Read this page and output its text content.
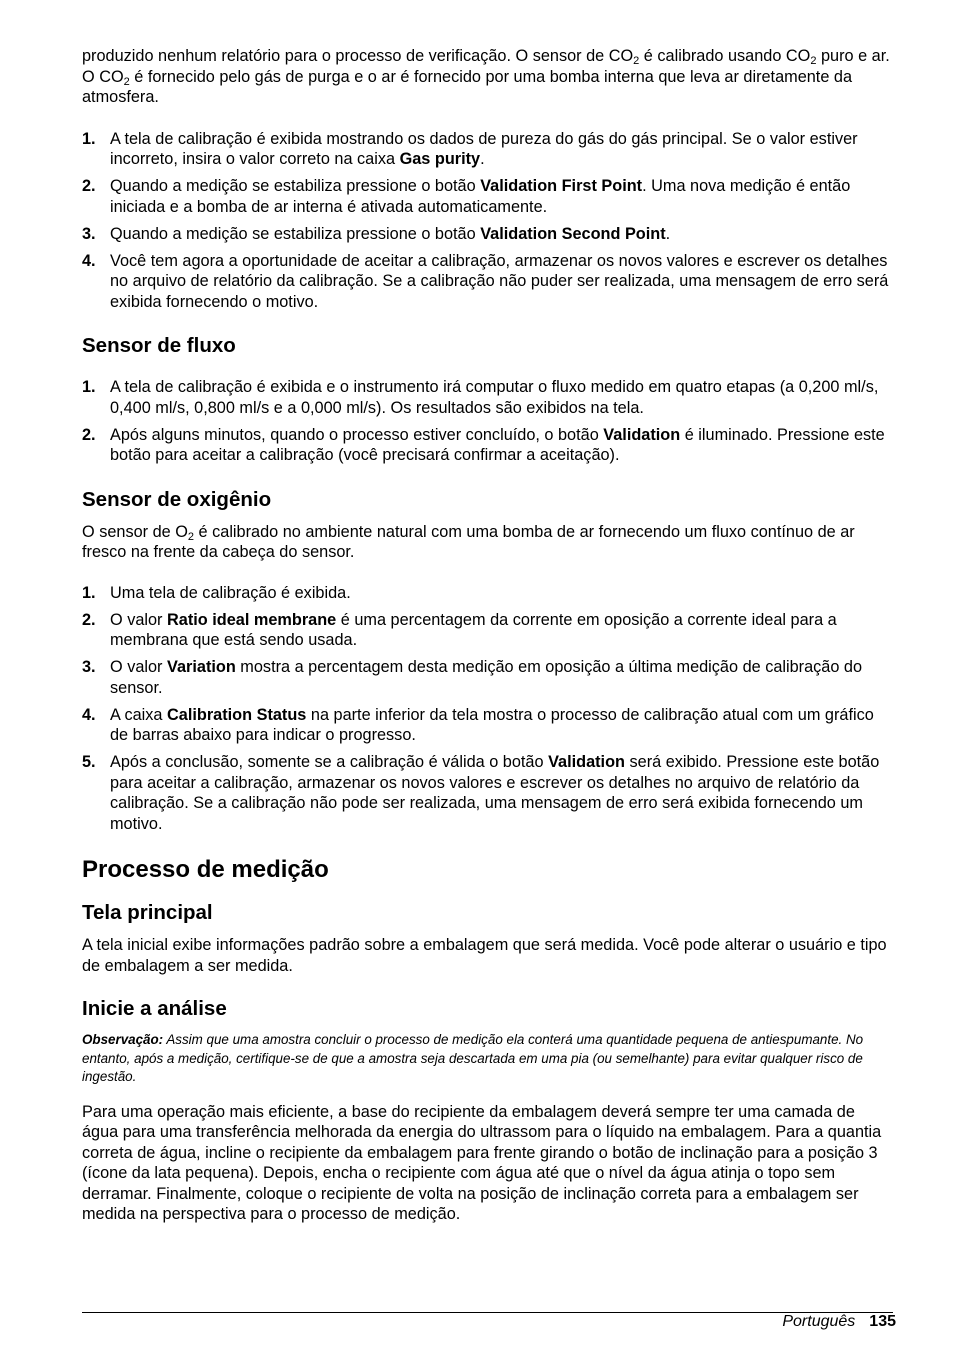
produzido nenhum relatório para o processo de verificação. O sensor de $CO_2$ é calibrado usando $CO_2$ puro e ar. O $CO_2$ é fornecido pelo gás de purga e o ar é fornecido por uma bomba interna que leva ar diretamente da atmosfera.

1. A tela de calibração é exibida mostrando os dados de pureza do gás do gás principal. Se o valor estiver incorreto, insira o valor correto na caixa Gas purity.
2. Quando a medição se estabiliza pressione o botão Validation First Point. Uma nova medição é então iniciada e a bomba de ar interna é ativada automaticamente.
3. Quando a medição se estabiliza pressione o botão Validation Second Point.
4. Você tem agora a oportunidade de aceitar a calibração, armazenar os novos valores e escrever os detalhes no arquivo de relatório da calibração. Se a calibração não puder ser realizada, uma mensagem de erro será exibida fornecendo o motivo.
Sensor de fluxo
1. A tela de calibração é exibida e o instrumento irá computar o fluxo medido em quatro etapas (a 0,200 ml/s, 0,400 ml/s, 0,800 ml/s e a 0,000 ml/s). Os resultados são exibidos na tela.
2. Após alguns minutos, quando o processo estiver concluído, o botão Validation é iluminado. Pressione este botão para aceitar a calibração (você precisará confirmar a aceitação).
Sensor de oxigênio

O sensor de $O_2$ é calibrado no ambiente natural com uma bomba de ar fornecendo um fluxo contínuo de ar fresco na frente da cabeça do sensor.

1. Uma tela de calibração é exibida.
2. O valor Ratio ideal membrane é uma percentagem da corrente em oposição a corrente ideal para a membrana que está sendo usada.
3. O valor Variation mostra a percentagem desta medição em oposição a última medição de calibração do sensor.
4. A caixa Calibration Status na parte inferior da tela mostra o processo de calibração atual com um gráfico de barras abaixo para indicar o progresso.
5. Após a conclusão, somente se a calibração é válida o botão Validation será exibido. Pressione este botão para aceitar a calibração, armazenar os novos valores e escrever os detalhes no arquivo de relatório da calibração. Se a calibração não pode ser realizada, uma mensagem de erro será exibida fornecendo um motivo.
Processo de medição
Tela principal

A tela inicial exibe informações padrão sobre a embalagem que será medida. Você pode alterar o usuário e tipo de embalagem a ser medida.

Inicie a análise

Observação: Assim que uma amostra concluir o processo de medição ela conterá uma quantidade pequena de antiespumante. No entanto, após a medição, certifique-se de que a amostra seja descartada em uma pia (ou semelhante) para evitar qualquer risco de ingestão.

Para uma operação mais eficiente, a base do recipiente da embalagem deverá sempre ter uma camada de água para uma transferência melhorada da energia do ultrassom para o líquido na embalagem. Para a quantia correta de água, incline o recipiente da embalagem para frente girando o botão de inclinação para a posição 3 (ícone da lata pequena). Depois, encha o recipiente com água até que o nível da água atinja o topo sem derramar. Finalmente, coloque o recipiente de volta na posição de inclinação correta para a embalagem ser medida na perspectiva para o processo de medição.

Português 135
